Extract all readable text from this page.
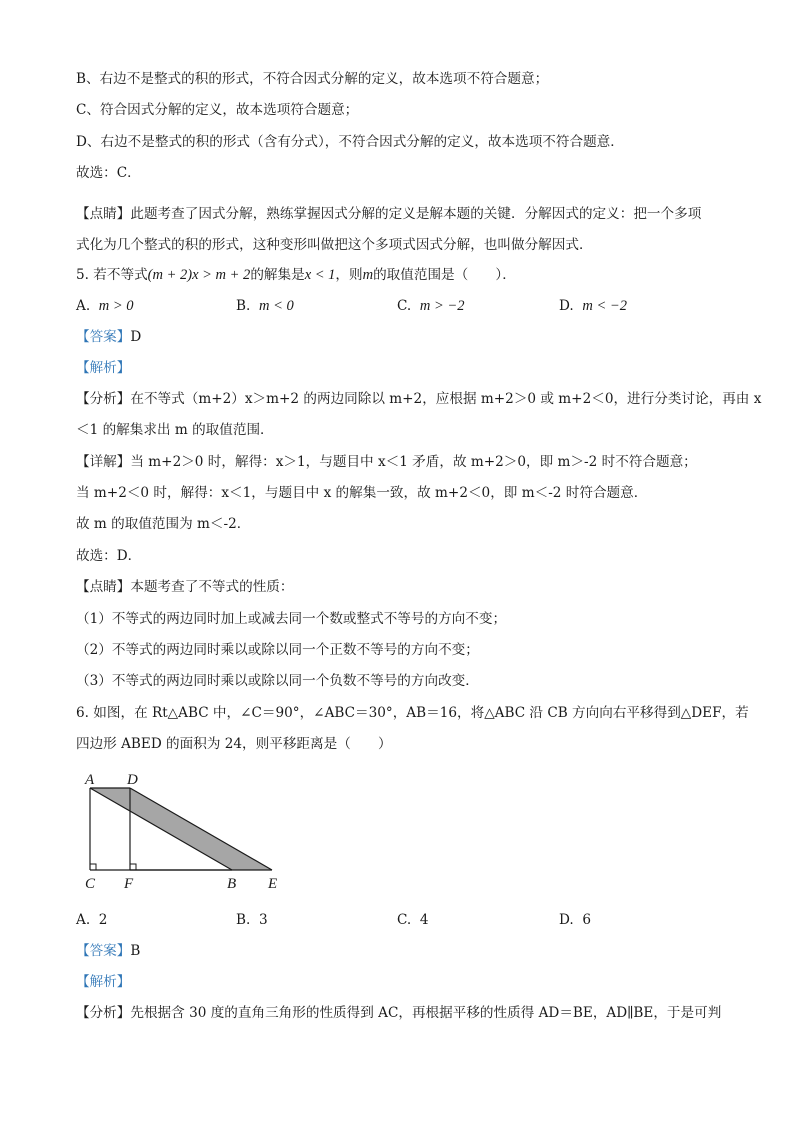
B、右边不是整式的积的形式，不符合因式分解的定义，故本选项不符合题意；
C、符合因式分解的定义，故本选项符合题意；
D、右边不是整式的积的形式（含有分式），不符合因式分解的定义，故本选项不符合题意．
故选：C．
【点睛】此题考查了因式分解，熟练掌握因式分解的定义是解本题的关键．分解因式的定义：把一个多项
式化为几个整式的积的形式，这种变形叫做把这个多项式因式分解，也叫做分解因式．
5. 若不等式(m + 2)x > m + 2的解集是x < 1，则m的取值范围是（　　）．
A. m > 0	B. m < 0	C. m > −2	D. m < −2
【答案】D
【解析】
【分析】在不等式（m+2）x＞m+2 的两边同除以 m+2，应根据 m+2＞0 或 m+2＜0，进行分类讨论，再由 x
＜1 的解集求出 m 的取值范围．
【详解】当 m+2＞0 时，解得：x＞1，与题目中 x＜1 矛盾，故 m+2＞0，即 m＞-2 时不符合题意；
当 m+2＜0 时，解得：x＜1，与题目中 x 的解集一致，故 m+2＜0，即 m＜-2 时符合题意．
故 m 的取值范围为 m＜-2．
故选：D．
【点睛】本题考查了不等式的性质：
（1）不等式的两边同时加上或减去同一个数或整式不等号的方向不变；
（2）不等式的两边同时乘以或除以同一个正数不等号的方向不变；
（3）不等式的两边同时乘以或除以同一个负数不等号的方向改变．
6. 如图，在 Rt△ABC 中，∠C＝90°，∠ABC＝30°，AB＝16，将△ABC 沿 CB 方向向右平移得到△DEF，若
四边形 ABED 的面积为 24，则平移距离是（　　）
A D
C F	B E
A. 2	B. 3	C. 4	D. 6
【答案】B
【解析】
【分析】先根据含 30 度的直角三角形的性质得到 AC，再根据平移的性质得 AD＝BE，AD∥BE，于是可判
